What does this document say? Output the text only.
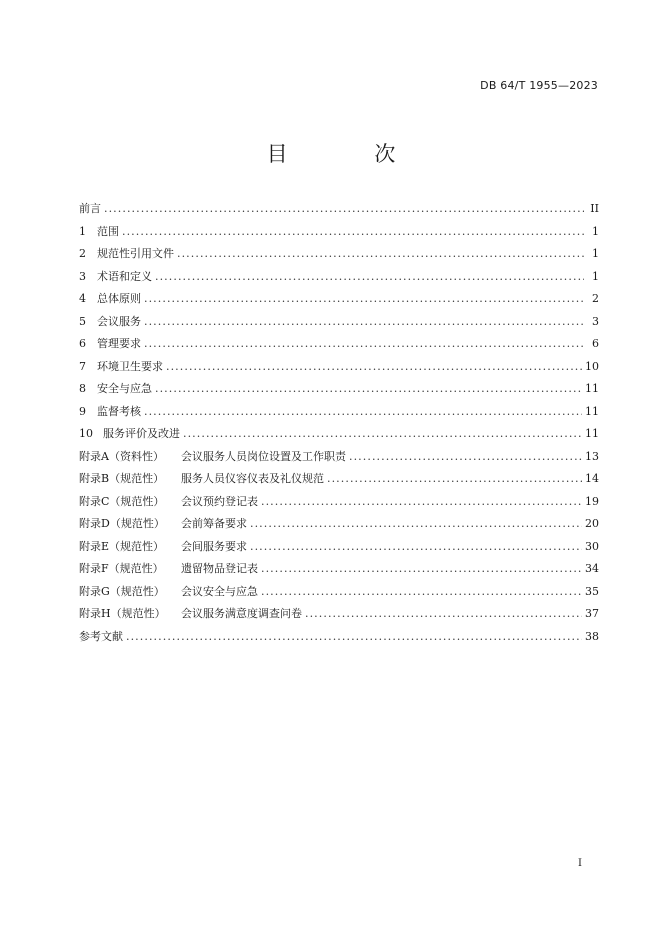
DB 64/T 1955—2023
目 次
前言 . . .	II
1	范围 . . .	1
2	规范性引用文件 . . .	1
3	术语和定义 . . .	1
4	总体原则 . . .	2
5	会议服务 . . .	3
6	管理要求 . . .	6
7	环境卫生要求 . . .	10
8	安全与应急 . . .	11
9	监督考核 . . .	11
10 服务评价及改进 . . .	11
附录A（资料性）	会议服务人员岗位设置及工作职责 . . .	13
附录B（规范性）	服务人员仪容仪表及礼仪规范 . . .	14
附录C（规范性）	会议预约登记表 . . .	19
附录D（规范性）	会前筹备要求 . . .	20
附录E（规范性）	会间服务要求 . . .	30
附录F（规范性）	遗留物品登记表 . . .	34
附录G（规范性）	会议安全与应急 . . .	35
附录H（规范性）	会议服务满意度调查问卷 . . .	37
参考文献 . . .	38
I
